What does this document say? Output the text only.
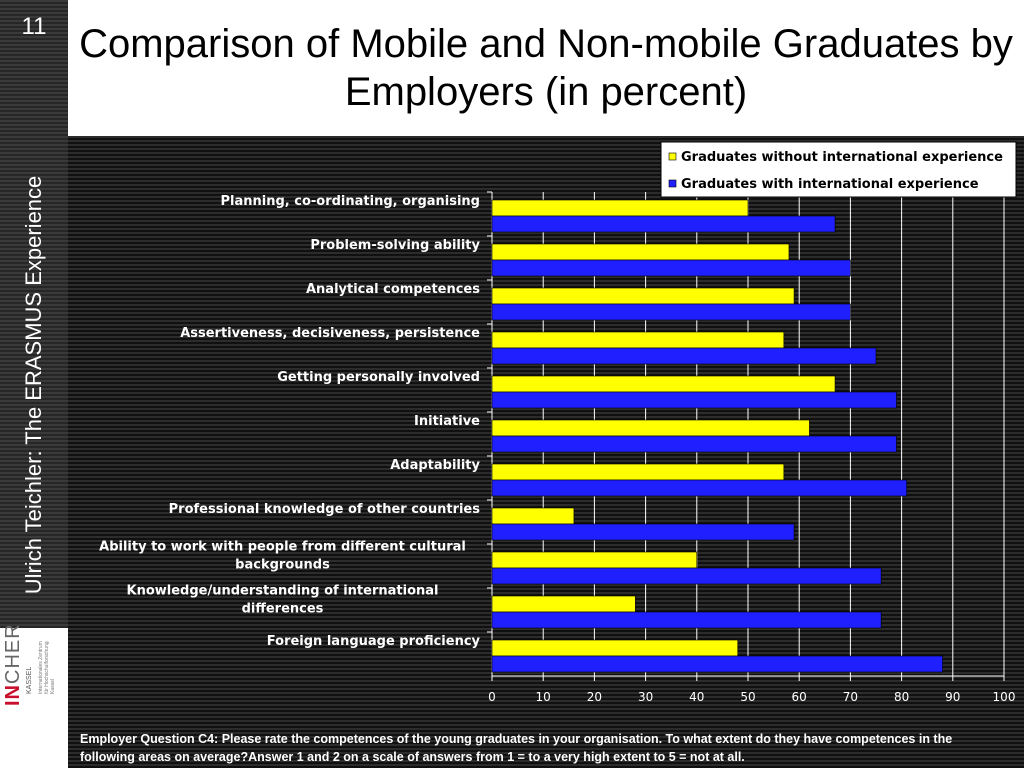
11
Ulrich Teichler: The ERASMUS Experience
INCHER KASSEL Internationales Zentrum für Hochschulforschung Kassel
Comparison of Mobile and Non-mobile Graduates by Employers (in percent)
0	10	20	30	40	50	60	70	80	90	100
Planning, co-ordinating, organising
Problem-solving ability
Analytical competences
Assertiveness, decisiveness, persistence
Getting personally involved
Initiative
Adaptability
Professional knowledge of other countries
Ability to work with people from different cultural backgrounds
Knowledge/understanding of international differences
Foreign language proficiency
Graduates without international experience
Graduates with international experience
Employer Question C4: Please rate the competences of the young graduates in your organisation. To what extent do they have competences in the following areas on average?Answer 1 and 2 on a scale of answers from 1 = to a very high extent to 5 = not at all.
